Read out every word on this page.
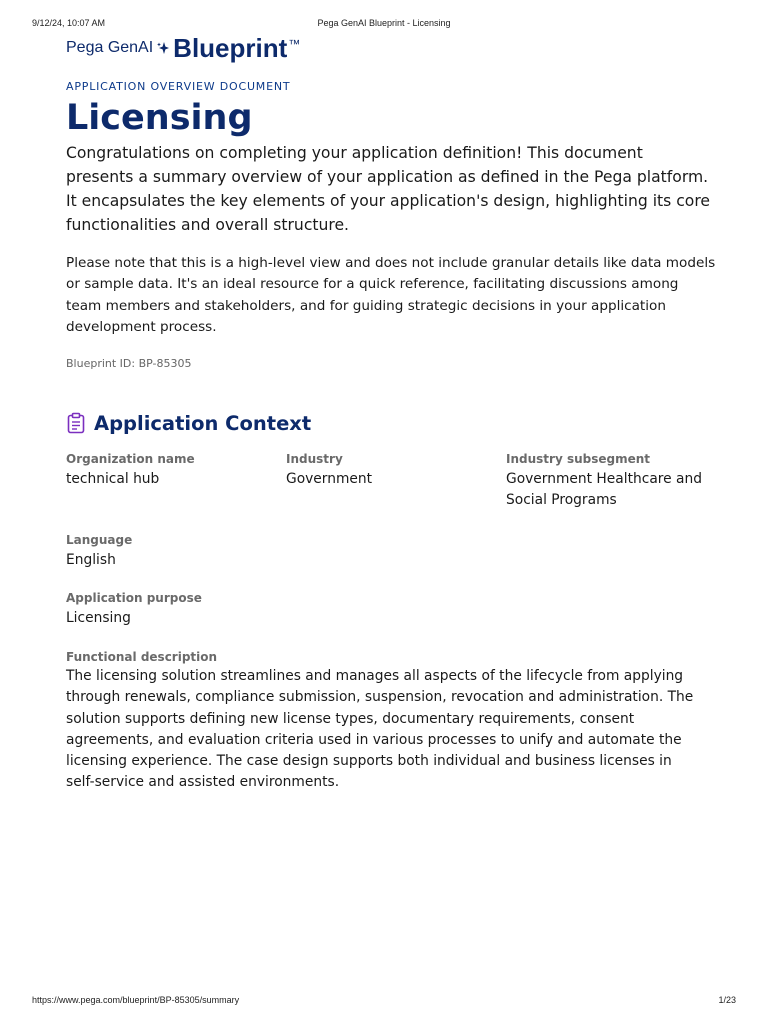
9/12/24, 10:07 AM	Pega GenAI Blueprint - Licensing
Pega GenAI Blueprint ™
APPLICATION OVERVIEW DOCUMENT
Licensing

Congratulations on completing your application definition! This document presents a summary overview of your application as defined in the Pega platform. It encapsulates the key elements of your application's design, highlighting its core functionalities and overall structure.

Please note that this is a high-level view and does not include granular details like data models or sample data. It's an ideal resource for a quick reference, facilitating discussions among team members and stakeholders, and for guiding strategic decisions in your application development process.

Blueprint ID: BP-85305
Application Context
Organization name
technical hub
Industry
Government
Industry subsegment
Government Healthcare and Social Programs
Language
English
Application purpose
Licensing
Functional description
The licensing solution streamlines and manages all aspects of the lifecycle from applying through renewals, compliance submission, suspension, revocation and administration. The solution supports defining new license types, documentary requirements, consent agreements, and evaluation criteria used in various processes to unify and automate the licensing experience. The case design supports both individual and business licenses in self-service and assisted environments.
https://www.pega.com/blueprint/BP-85305/summary	1/23
